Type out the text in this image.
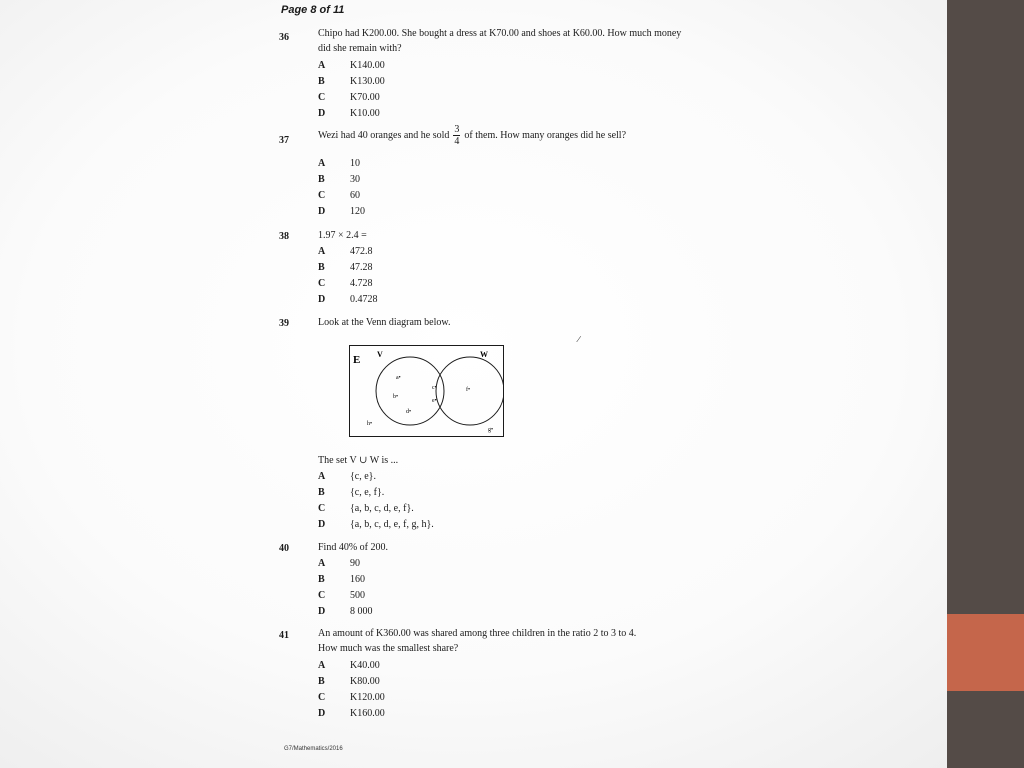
Page 8 of 11
36	Chipo had K200.00. She bought a dress at K70.00 and shoes at K60.00. How much money
did she remain with?
A K140.00
B	K130.00
C K70.00
D K10.00
37	Wezi had 40 oranges and he sold $\frac{3}{4}$ of them. How many oranges did he sell?
A 10
B	30
C 60
D 120
38	1.97 × 2.4 =
A 472.8
B	47.28
C 4.728
D 0.4728
39	Look at the Venn diagram below.
E V	W
a•
b•
d•
c•
e•
f•
h•
g•
The set V ∪ W is ...
A {c, e}.
B	{c, e, f}.
C {a, b, c, d, e, f}.
D {a, b, c, d, e, f, g, h}.
40	Find 40% of 200.
A 90
B	160
C 500
D 8 000
41	An amount of K360.00 was shared among three children in the ratio 2 to 3 to 4.
How much was the smallest share?
A K40.00
B	K80.00
C K120.00
D K160.00
G7/Mathematics/2016
∕
